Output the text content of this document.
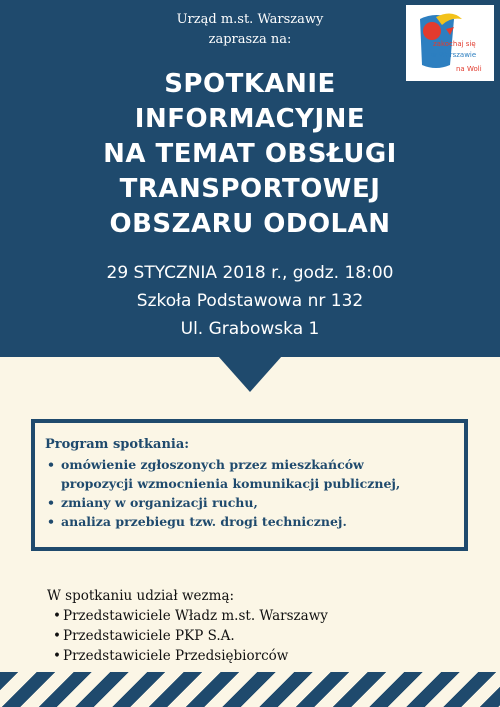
Urząd m.st. Warszawy
zaprasza na:	zakochaj się
w Warszawie
na Woli
SPOTKANIE
INFORMACYJNE
NA TEMAT OBSŁUGI
TRANSPORTOWEJ
OBSZARU ODOLAN
29 STYCZNIA 2018 r., godz. 18:00
Szkoła Podstawowa nr 132
Ul. Grabowska 1
Program spotkania:
• omówienie zgłoszonych przez mieszkańców
propozycji wzmocnienia komunikacji publicznej,
• zmiany w organizacji ruchu,
• analiza przebiegu tzw. drogi technicznej.
W spotkaniu udział wezmą:
• Przedstawiciele Władz m.st. Warszawy
• Przedstawiciele PKP S.A.
• Przedstawiciele Przedsiębiorców
